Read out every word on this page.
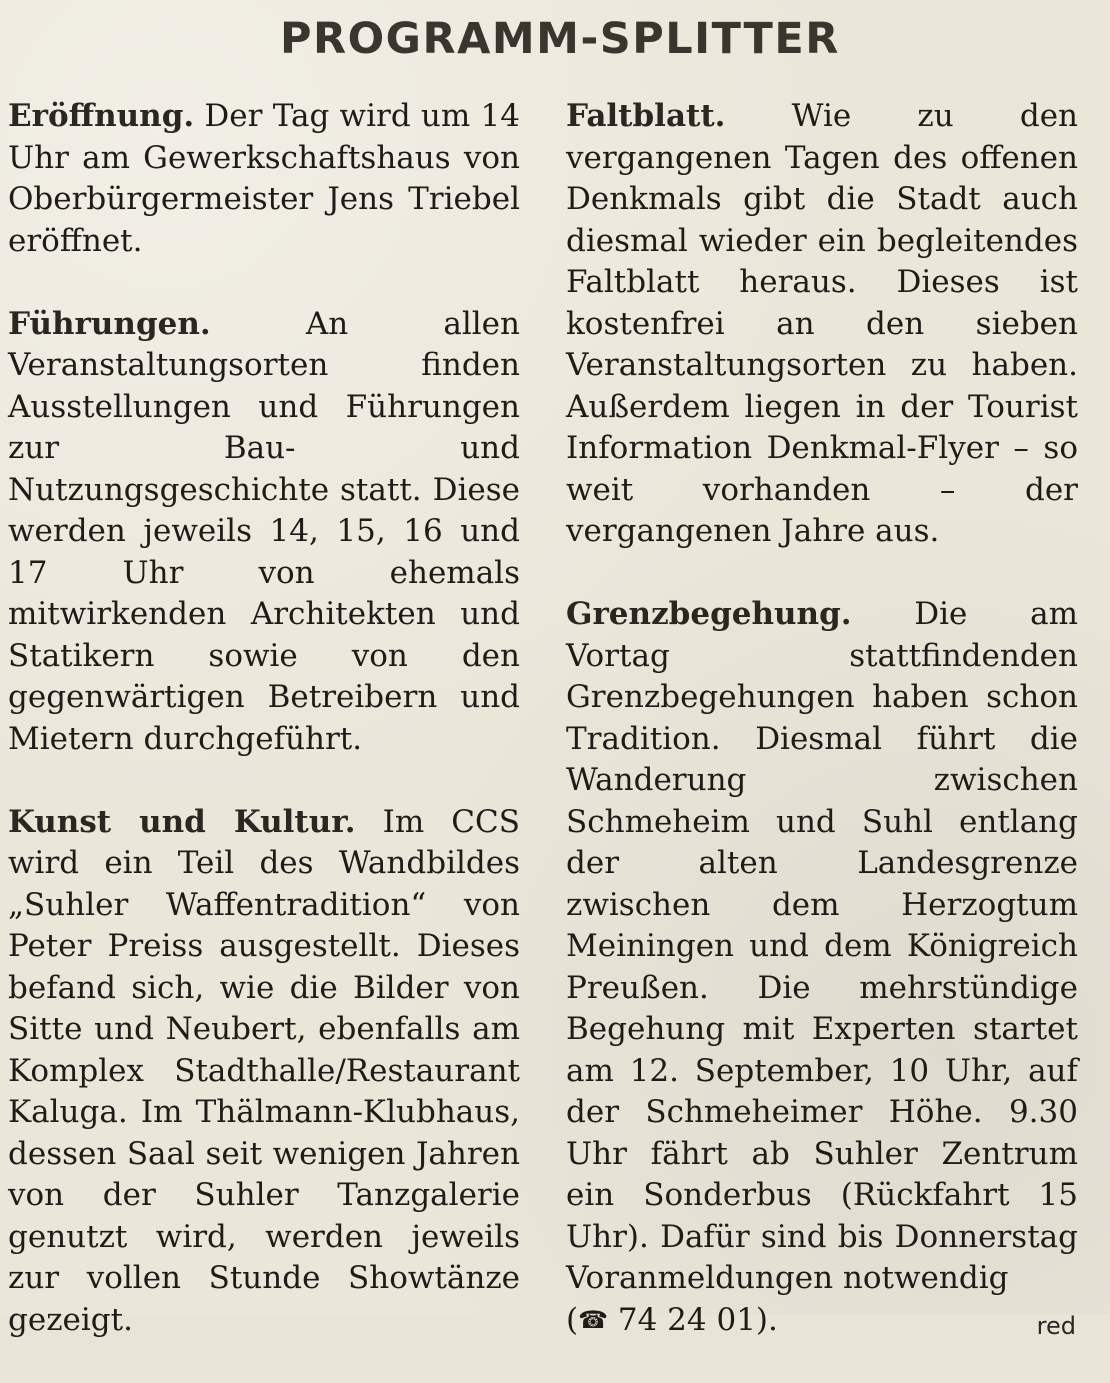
PROGRAMM-SPLITTER

Eröffnung. Der Tag wird um 14 Uhr am Gewerkschaftshaus von Oberbürgermeister Jens Triebel eröffnet.

Führungen. An allen Veranstaltungsorten finden Ausstellungen und Führungen zur Bau- und Nutzungsgeschichte statt. Diese werden jeweils 14, 15, 16 und 17 Uhr von ehemals mitwirkenden Architekten und Statikern sowie von den gegenwärtigen Betreibern und Mietern durchgeführt.

Kunst und Kultur. Im CCS wird ein Teil des Wandbildes „Suhler Waffentradition“ von Peter Preiss ausgestellt. Dieses befand sich, wie die Bilder von Sitte und Neubert, ebenfalls am Komplex Stadthalle/Restaurant Kaluga. Im Thälmann-Klubhaus, dessen Saal seit wenigen Jahren von der Suhler Tanzgalerie genutzt wird, werden jeweils zur vollen Stunde Showtänze gezeigt.

Faltblatt. Wie zu den vergangenen Tagen des offenen Denkmals gibt die Stadt auch diesmal wieder ein begleitendes Faltblatt heraus. Dieses ist kostenfrei an den sieben Veranstaltungsorten zu haben. Außerdem liegen in der Tourist Information Denkmal-Flyer – so weit vorhanden – der vergangenen Jahre aus.

Grenzbegehung. Die am Vortag stattfindenden Grenzbegehungen haben schon Tradition. Diesmal führt die Wanderung zwischen Schmeheim und Suhl entlang der alten Landesgrenze zwischen dem Herzogtum Meiningen und dem Königreich Preußen. Die mehrstündige Begehung mit Experten startet am 12. September, 10 Uhr, auf der Schmeheimer Höhe. 9.30 Uhr fährt ab Suhler Zentrum ein Sonderbus (Rückfahrt 15 Uhr). Dafür sind bis Donnerstag Voranmeldungen notwendig

(☎ 74 24 01).	red
